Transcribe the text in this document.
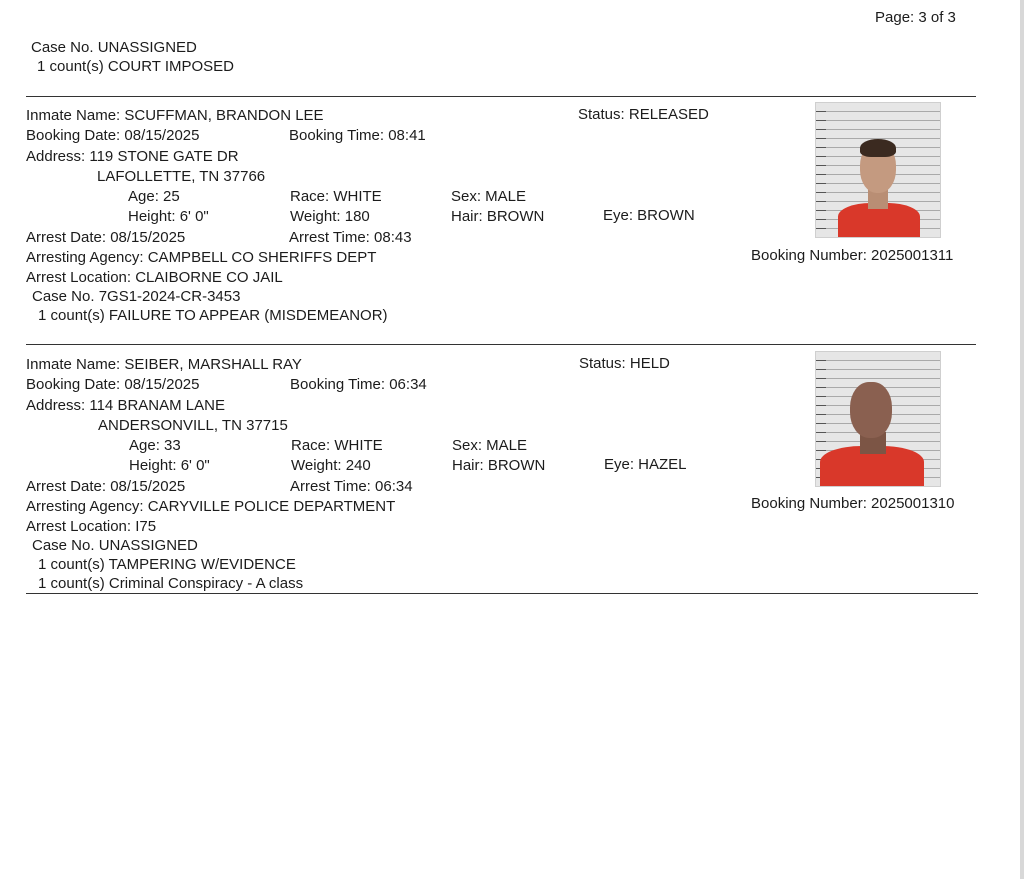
Page: 3 of 3
Case No. UNASSIGNED
1 count(s) COURT IMPOSED
Inmate Name: SCUFFMAN, BRANDON LEE	Status: RELEASED
Booking Date: 08/15/2025	Booking Time: 08:41
Address: 119 STONE GATE DR
LAFOLLETTE, TN 37766
Age: 25	Race: WHITE	Sex: MALE
Height: 6' 0"	Weight: 180	Hair: BROWN	Eye: BROWN
Arrest Date: 08/15/2025	Arrest Time: 08:43
Arresting Agency: CAMPBELL CO SHERIFFS DEPT
Arrest Location: CLAIBORNE CO JAIL
Case No. 7GS1-2024-CR-3453
1 count(s) FAILURE TO APPEAR (MISDEMEANOR)
Booking Number: 2025001311
Inmate Name: SEIBER, MARSHALL RAY	Status: HELD
Booking Date: 08/15/2025	Booking Time: 06:34
Address: 114 BRANAM LANE
ANDERSONVILL, TN 37715
Age: 33	Race: WHITE	Sex: MALE
Height: 6' 0"	Weight: 240	Hair: BROWN	Eye: HAZEL
Arrest Date: 08/15/2025	Arrest Time: 06:34
Arresting Agency: CARYVILLE POLICE DEPARTMENT
Arrest Location: I75
Case No. UNASSIGNED
1 count(s) TAMPERING W/EVIDENCE
1 count(s) Criminal Conspiracy - A class
Booking Number: 2025001310
